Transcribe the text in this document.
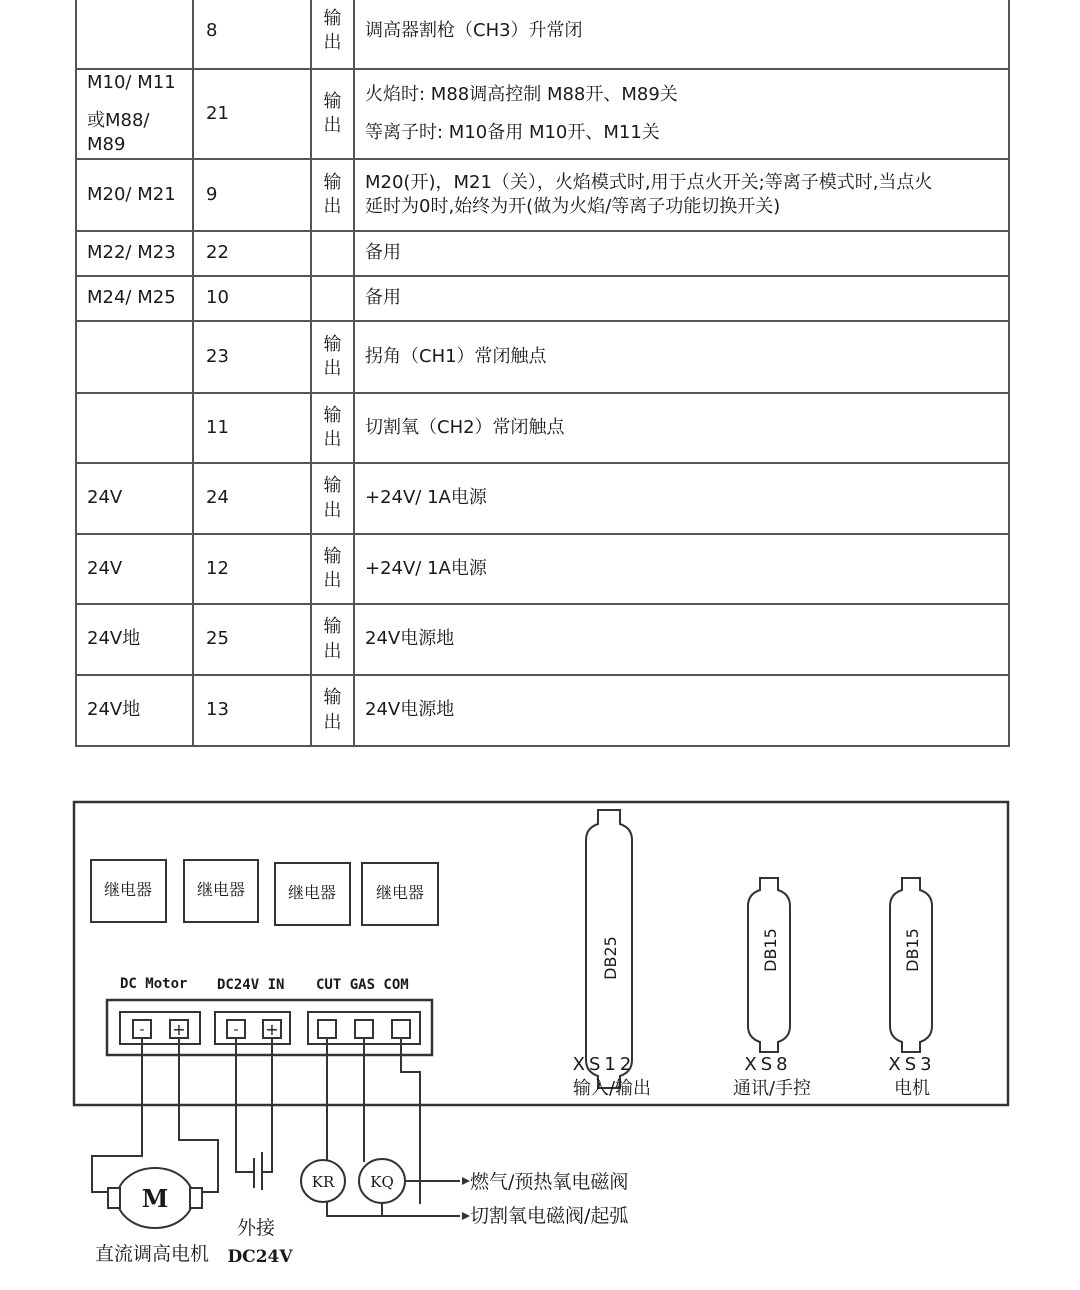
	8	输
出	调高器割枪（CH3）升常闭

M10/ M11
或M88/ M89	21	输
出	火焰时: M88调高控制 M88开、M89关
等离子时: M10备用 M10开、M11关

M20/ M21	9	输
出	M20(开)，M21（关），火焰模式时,用于点火开关;等离子模式时,当点火
延时为0时,始终为开(做为火焰/等离子功能切换开关)

M22/ M23	22		备用

M24/ M25	10		备用

	23	输
出	拐角（CH1）常闭触点

	11	输
出	切割氧（CH2）常闭触点

24V	24	输
出	+24V/ 1A电源

24V	12	输
出	+24V/ 1A电源

24V地	25	输
出	24V电源地

24V地	13	输
出	24V电源地
继电器	继电器	继电器 继电器
DC Motor DC24V IN CUT GAS COM
- +	- +
DB25
XS12
输入/输出
DB15
XS8
通讯/手控
DB15
XS3
电机
M
直流调高电机
外接
DC24V
KR KQ	燃气/预热氧电磁阀
切割氧电磁阀/起弧
